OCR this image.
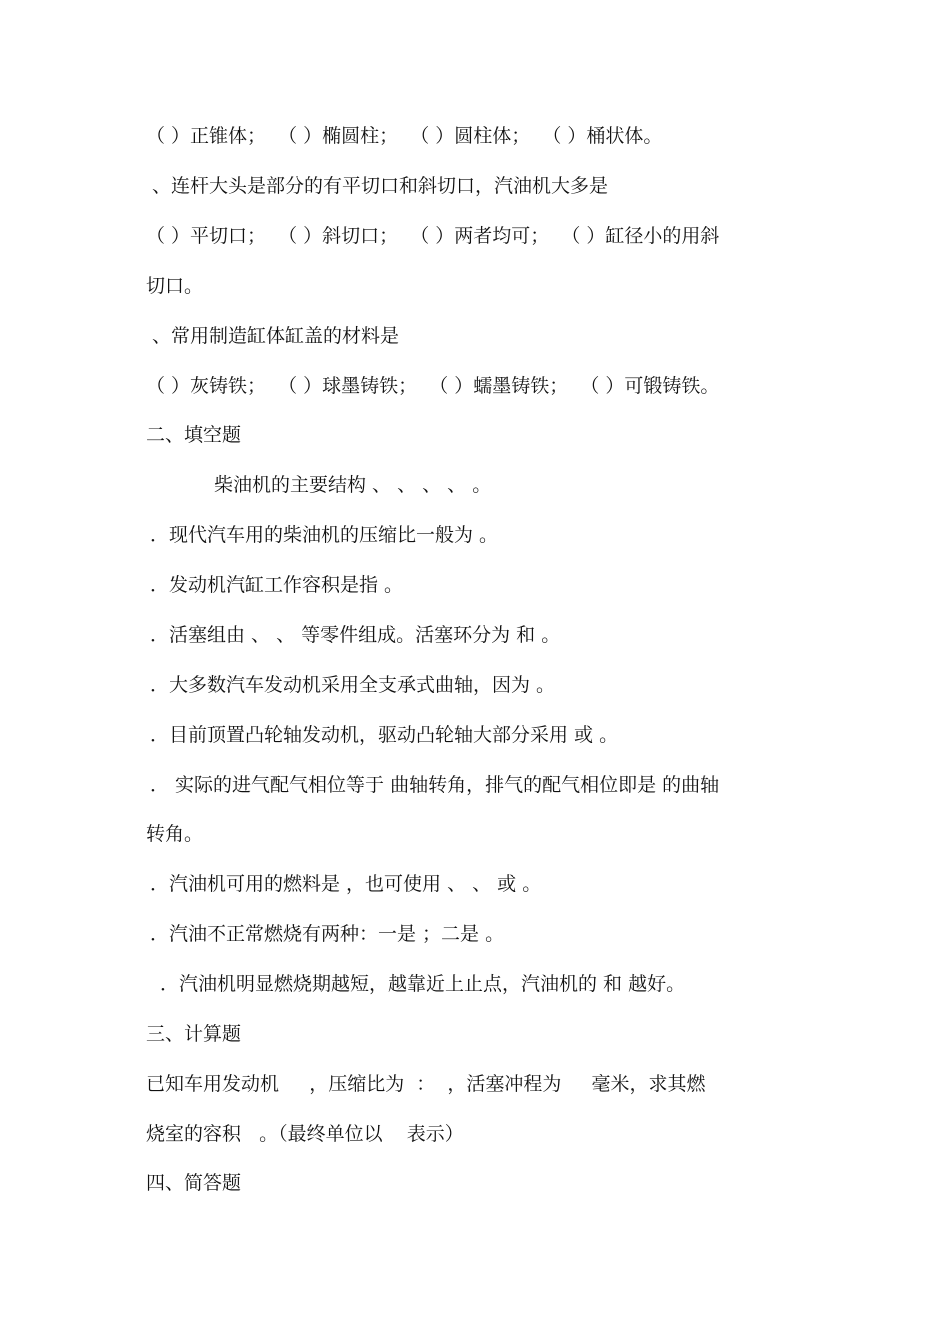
（ ）正锥体；  （ ）椭圆柱；  （ ）圆柱体；  （ ）桶状体。
、连杆大头是部分的有平切口和斜切口，汽油机大多是
（ ）平切口；  （ ）斜切口；  （ ）两者均可；  （ ）缸径小的用斜
切口。
、常用制造缸体缸盖的材料是
（ ）灰铸铁；  （ ）球墨铸铁；  （ ）蠕墨铸铁；  （ ）可锻铸铁。
二、填空题
柴油机的主要结构 、 、 、 、 。
．现代汽车用的柴油机的压缩比一般为 。
．发动机汽缸工作容积是指 。
．活塞组由 、 、 等零件组成。活塞环分为 和 。
．大多数汽车发动机采用全支承式曲轴，因为 。
．目前顶置凸轮轴发动机，驱动凸轮轴大部分采用 或 。
． 实际的进气配气相位等于 曲轴转角，排气的配气相位即是 的曲轴
转角。
．汽油机可用的燃料是 ，也可使用 、 、 或 。
．汽油不正常燃烧有两种：一是 ；二是 。
．汽油机明显燃烧期越短，越靠近上止点，汽油机的 和 越好。
三、计算题
已知车用发动机     ，压缩比为  ：  ，活塞冲程为     毫米，求其燃
烧室的容积   。（最终单位以    表示）
四、简答题
